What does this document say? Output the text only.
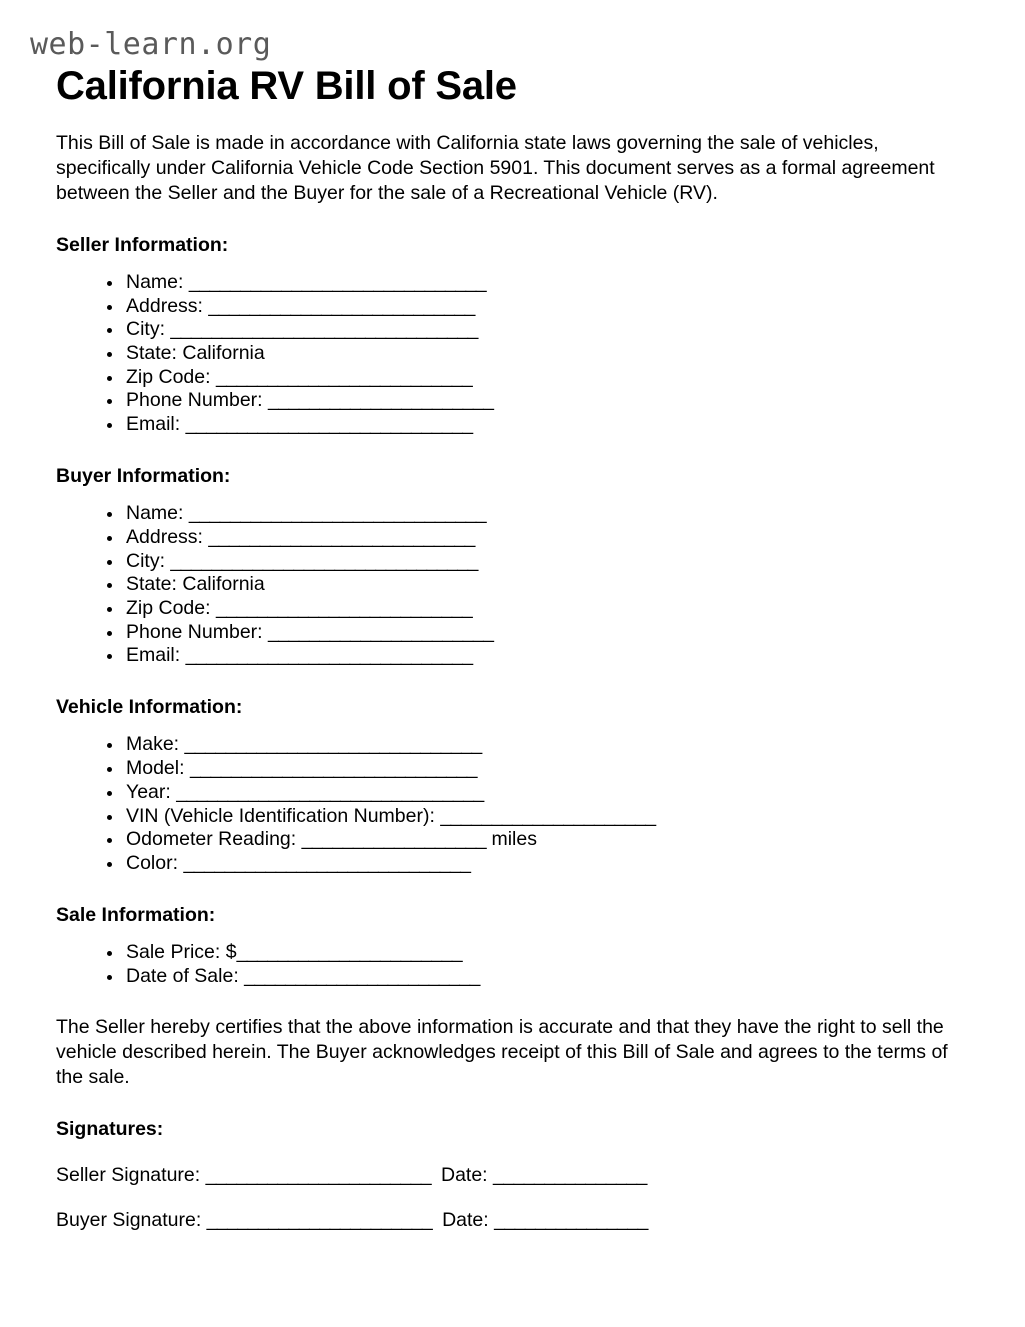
web-learn.org
California RV Bill of Sale

This Bill of Sale is made in accordance with California state laws governing the sale of vehicles, specifically under California Vehicle Code Section 5901. This document serves as a formal agreement between the Seller and the Buyer for the sale of a Recreational Vehicle (RV).

Seller Information:
Name: _____________________________
Address: __________________________
City: ______________________________
State: California
Zip Code: _________________________
Phone Number: ______________________
Email: ____________________________
Buyer Information:
Name: _____________________________
Address: __________________________
City: ______________________________
State: California
Zip Code: _________________________
Phone Number: ______________________
Email: ____________________________
Vehicle Information:
Make: _____________________________
Model: ____________________________
Year: ______________________________
VIN (Vehicle Identification Number): _____________________
Odometer Reading: __________________ miles
Color: ____________________________
Sale Information:
Sale Price: $______________________
Date of Sale: _______________________

The Seller hereby certifies that the above information is accurate and that they have the right to sell the vehicle described herein. The Buyer acknowledges receipt of this Bill of Sale and agrees to the terms of the sale.

Signatures:
Seller Signature: ______________________ Date: _______________
Buyer Signature: ______________________ Date: _______________
